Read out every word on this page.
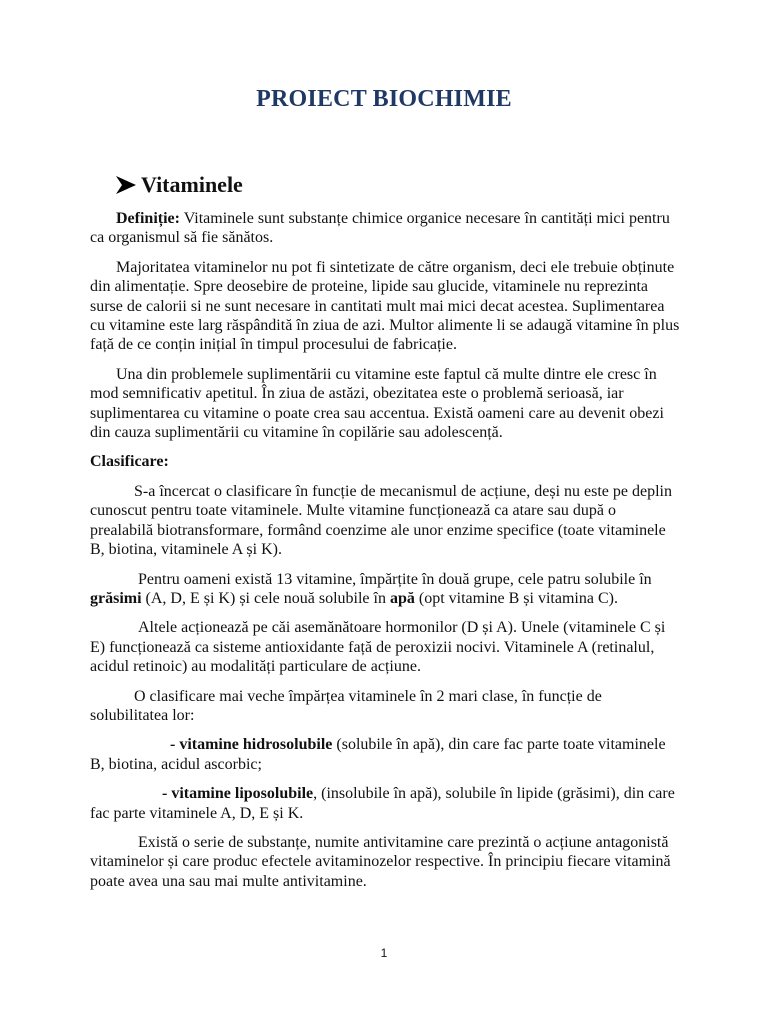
PROIECT BIOCHIMIE
Vitaminele

Definiție: Vitaminele sunt substanțe chimice organice necesare în cantități mici pentru ca organismul să fie sănătos.

Majoritatea vitaminelor nu pot fi sintetizate de către organism, deci ele trebuie obținute din alimentație. Spre deosebire de proteine, lipide sau glucide, vitaminele nu reprezinta surse de calorii si ne sunt necesare in cantitati mult mai mici decat acestea. Suplimentarea cu vitamine este larg răspândită în ziua de azi. Multor alimente li se adaugă vitamine în plus față de ce conțin inițial în timpul procesului de fabricație.

Una din problemele suplimentării cu vitamine este faptul că multe dintre ele cresc în mod semnificativ apetitul. În ziua de astăzi, obezitatea este o problemă serioasă, iar suplimentarea cu vitamine o poate crea sau accentua. Există oameni care au devenit obezi din cauza suplimentării cu vitamine în copilărie sau adolescență.

Clasificare:

S-a încercat o clasificare în funcție de mecanismul de acțiune, deși nu este pe deplin cunoscut pentru toate vitaminele. Multe vitamine funcționează ca atare sau după o prealabilă biotransformare, formând coenzime ale unor enzime specifice (toate vitaminele B, biotina, vitaminele A și K).

Pentru oameni există 13 vitamine, împărțite în două grupe, cele patru solubile în grăsimi (A, D, E și K) și cele nouă solubile în apă (opt vitamine B și vitamina C).

Altele acționează pe căi asemănătoare hormonilor (D și A). Unele (vitaminele C și E) funcționează ca sisteme antioxidante față de peroxizii nocivi. Vitaminele A (retinalul, acidul retinoic) au modalități particulare de acțiune.

O clasificare mai veche împărțea vitaminele în 2 mari clase, în funcție de solubilitatea lor:

- vitamine hidrosolubile (solubile în apă), din care fac parte toate vitaminele B, biotina, acidul ascorbic;

- vitamine liposolubile, (insolubile în apă), solubile în lipide (grăsimi), din care fac parte vitaminele A, D, E și K.

Există o serie de substanțe, numite antivitamine care prezintă o acțiune antagonistă vitaminelor și care produc efectele avitaminozelor respective. În principiu fiecare vitamină poate avea una sau mai multe antivitamine.

1
